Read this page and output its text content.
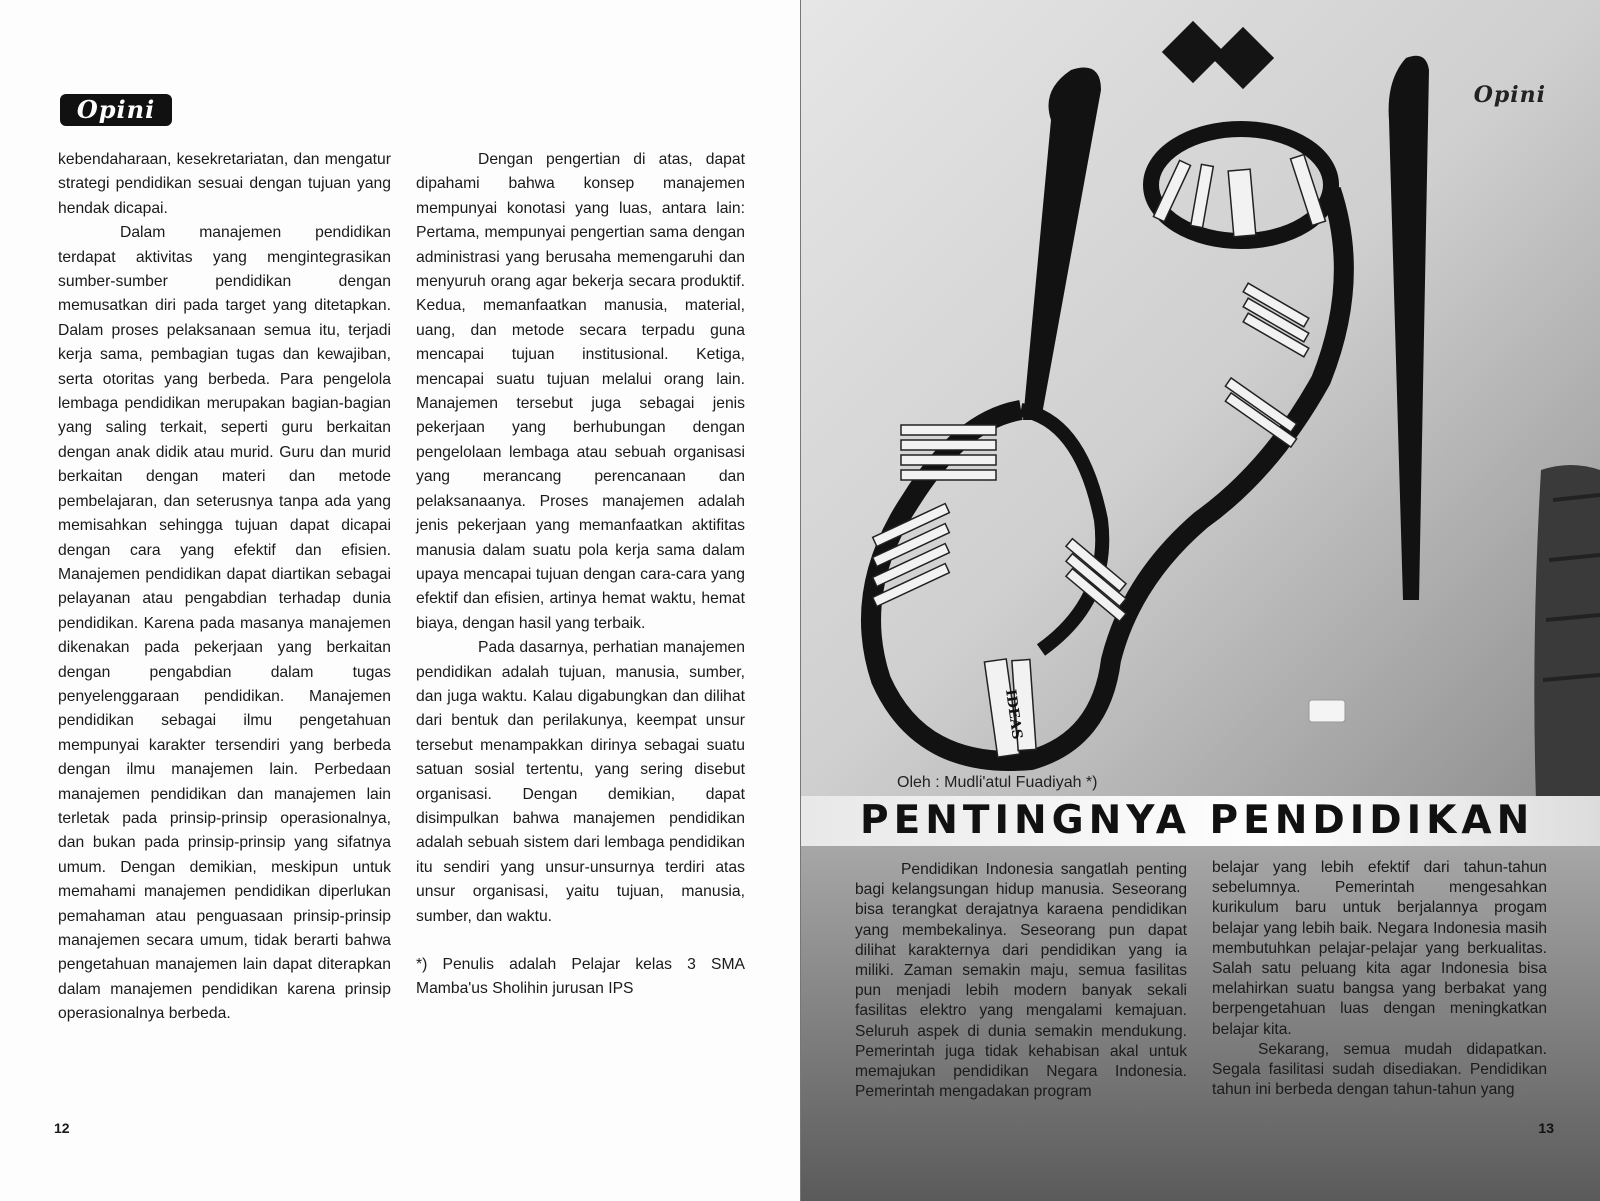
Opini

kebendaharaan, kesekretariatan, dan mengatur strategi pendidikan sesuai dengan tujuan yang hendak dicapai.

Dalam manajemen pendidikan terdapat aktivitas yang mengintegrasikan sumber-sumber pendidikan dengan memusatkan diri pada target yang ditetapkan. Dalam proses pelaksanaan semua itu, terjadi kerja sama, pembagian tugas dan kewajiban, serta otoritas yang berbeda. Para pengelola lembaga pendidikan merupakan bagian-bagian yang saling terkait, seperti guru berkaitan dengan anak didik atau murid. Guru dan murid berkaitan dengan materi dan metode pembelajaran, dan seterusnya tanpa ada yang memisahkan sehingga tujuan dapat dicapai dengan cara yang efektif dan efisien. Manajemen pendidikan dapat diartikan sebagai pelayanan atau pengabdian terhadap dunia pendidikan. Karena pada masanya manajemen dikenakan pada pekerjaan yang berkaitan dengan pengabdian dalam tugas penyelenggaraan pendidikan. Manajemen pendidikan sebagai ilmu pengetahuan mempunyai karakter tersendiri yang berbeda dengan ilmu manajemen lain. Perbedaan manajemen pendidikan dan manajemen lain terletak pada prinsip-prinsip operasionalnya, dan bukan pada prinsip-prinsip yang sifatnya umum. Dengan demikian, meskipun untuk memahami manajemen pendidikan diperlukan pemahaman atau penguasaan prinsip-prinsip manajemen secara umum, tidak berarti bahwa pengetahuan manajemen lain dapat diterapkan dalam manajemen pendidikan karena prinsip operasionalnya berbeda.

Dengan pengertian di atas, dapat dipahami bahwa konsep manajemen mempunyai konotasi yang luas, antara lain: Pertama, mempunyai pengertian sama dengan administrasi yang berusaha memengaruhi dan menyuruh orang agar bekerja secara produktif. Kedua, memanfaatkan manusia, material, uang, dan metode secara terpadu guna mencapai tujuan institusional. Ketiga, mencapai suatu tujuan melalui orang lain. Manajemen tersebut juga sebagai jenis pekerjaan yang berhubungan dengan pengelolaan lembaga atau sebuah organisasi yang merancang perencanaan dan pelaksanaanya. Proses manajemen adalah jenis pekerjaan yang memanfaatkan aktifitas manusia dalam suatu pola kerja sama dalam upaya mencapai tujuan dengan cara-cara yang efektif dan efisien, artinya hemat waktu, hemat biaya, dengan hasil yang terbaik.

Pada dasarnya, perhatian manajemen pendidikan adalah tujuan, manusia, sumber, dan juga waktu. Kalau digabungkan dan dilihat dari bentuk dan perilakunya, keempat unsur tersebut menampakkan dirinya sebagai suatu satuan sosial tertentu, yang sering disebut organisasi. Dengan demikian, dapat disimpulkan bahwa manajemen pendidikan adalah sebuah sistem dari lembaga pendidikan itu sendiri yang unsur-unsurnya terdiri atas unsur organisasi, yaitu tujuan, manusia, sumber, dan waktu.

*) Penulis adalah Pelajar kelas 3 SMA Mamba'us Sholihin jurusan IPS

12
IDEAS
Opini
Oleh : Mudli'atul Fuadiyah *)
PENTINGNYA PENDIDIKAN

Pendidikan Indonesia sangatlah penting bagi kelangsungan hidup manusia. Seseorang bisa terangkat derajatnya karaena pendidikan yang membekalinya. Seseorang pun dapat dilihat karakternya dari pendidikan yang ia miliki. Zaman semakin maju, semua fasilitas pun menjadi lebih modern banyak sekali fasilitas elektro yang mengalami kemajuan. Seluruh aspek di dunia semakin mendukung. Pemerintah juga tidak kehabisan akal untuk memajukan pendidikan Negara Indonesia. Pemerintah mengadakan program

belajar yang lebih efektif dari tahun-tahun sebelumnya. Pemerintah mengesahkan kurikulum baru untuk berjalannya progam belajar yang lebih baik. Negara Indonesia masih membutuhkan pelajar-pelajar yang berkualitas. Salah satu peluang kita agar Indonesia bisa melahirkan suatu bangsa yang berbakat yang berpengetahuan luas dengan meningkatkan belajar kita.

Sekarang, semua mudah didapatkan. Segala fasilitasi sudah disediakan. Pendidikan tahun ini berbeda dengan tahun-tahun yang

13
